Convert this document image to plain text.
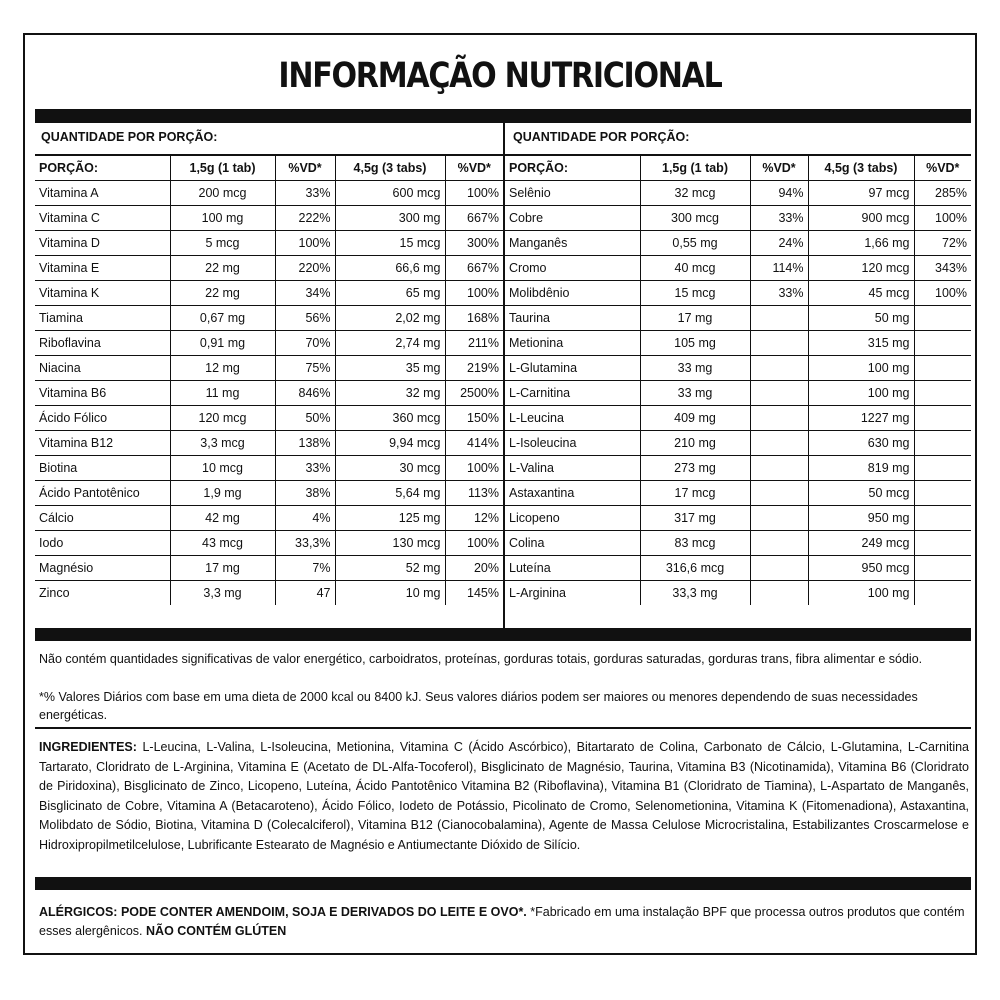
INFORMAÇÃO NUTRICIONAL
QUANTIDADE POR PORÇÃO:	QUANTIDADE POR PORÇÃO:
PORÇÃO:	1,5g (1 tab)	%VD*	4,5g (3 tabs)	%VD*
Vitamina A	200 mcg	33%	600 mcg	100%
Vitamina C	100 mg	222%	300 mg	667%
Vitamina D	5 mcg	100%	15 mcg	300%
Vitamina E	22 mg	220%	66,6 mg	667%
Vitamina K	22 mg	34%	65 mg	100%
Tiamina	0,67 mg	56%	2,02 mg	168%
Riboflavina	0,91 mg	70%	2,74 mg	211%
Niacina	12 mg	75%	35 mg	219%
Vitamina B6	11 mg	846%	32 mg	2500%
Ácido Fólico	120 mcg	50%	360 mcg	150%
Vitamina B12	3,3 mcg	138%	9,94 mcg	414%
Biotina	10 mcg	33%	30 mcg	100%
Ácido Pantotênico	1,9 mg	38%	5,64 mg	113%
Cálcio	42 mg	4%	125 mg	12%
Iodo	43 mcg	33,3%	130 mcg	100%
Magnésio	17 mg	7%	52 mg	20%
Zinco	3,3 mg	47	10 mg	145%
PORÇÃO:	1,5g (1 tab)	%VD*	4,5g (3 tabs)	%VD*
Selênio	32 mcg	94%	97 mcg	285%
Cobre	300 mcg	33%	900 mcg	100%
Manganês	0,55 mg	24%	1,66 mg	72%
Cromo	40 mcg	114%	120 mcg	343%
Molibdênio	15 mcg	33%	45 mcg	100%
Taurina	17 mg		50 mg	
Metionina	105 mg		315 mg	
L-Glutamina	33 mg		100 mg	
L-Carnitina	33 mg		100 mg	
L-Leucina	409 mg		1227 mg	
L-Isoleucina	210 mg		630 mg	
L-Valina	273 mg		819 mg	
Astaxantina	17 mcg		50 mcg	
Licopeno	317 mg		950 mg	
Colina	83 mcg		249 mcg	
Luteína	316,6 mcg		950 mcg	
L-Arginina	33,3 mg		100 mg	

Não contém quantidades significativas de valor energético, carboidratos, proteínas, gorduras totais, gorduras saturadas, gorduras trans, fibra alimentar e sódio.

*% Valores Diários com base em uma dieta de 2000 kcal ou 8400 kJ. Seus valores diários podem ser maiores ou menores dependendo de suas necessidades energéticas.

INGREDIENTES: L-Leucina, L-Valina, L-Isoleucina, Metionina, Vitamina C (Ácido Ascórbico), Bitartarato de Colina, Carbonato de Cálcio, L-Glutamina, L-Carnitina Tartarato, Cloridrato de L-Arginina, Vitamina E (Acetato de DL-Alfa-Tocoferol), Bisglicinato de Magnésio, Taurina, Vitamina B3 (Nicotinamida), Vitamina B6 (Cloridrato de Piridoxina), Bisglicinato de Zinco, Licopeno, Luteína, Ácido Pantotênico Vitamina B2 (Riboflavina), Vitamina B1 (Cloridrato de Tiamina), L-Aspartato de Manganês, Bisglicinato de Cobre, Vitamina A (Betacaroteno), Ácido Fólico, Iodeto de Potássio, Picolinato de Cromo, Selenometionina, Vitamina K (Fitomenadiona), Astaxantina, Molibdato de Sódio, Biotina, Vitamina D (Colecalciferol), Vitamina B12 (Cianocobalamina), Agente de Massa Celulose Microcristalina, Estabilizantes Croscarmelose e Hidroxipropilmetilcelulose, Lubrificante Estearato de Magnésio e Antiumectante Dióxido de Silício.

ALÉRGICOS: PODE CONTER AMENDOIM, SOJA E DERIVADOS DO LEITE E OVO*. *Fabricado em uma instalação BPF que processa outros produtos que contém esses alergênicos. NÃO CONTÉM GLÚTEN
